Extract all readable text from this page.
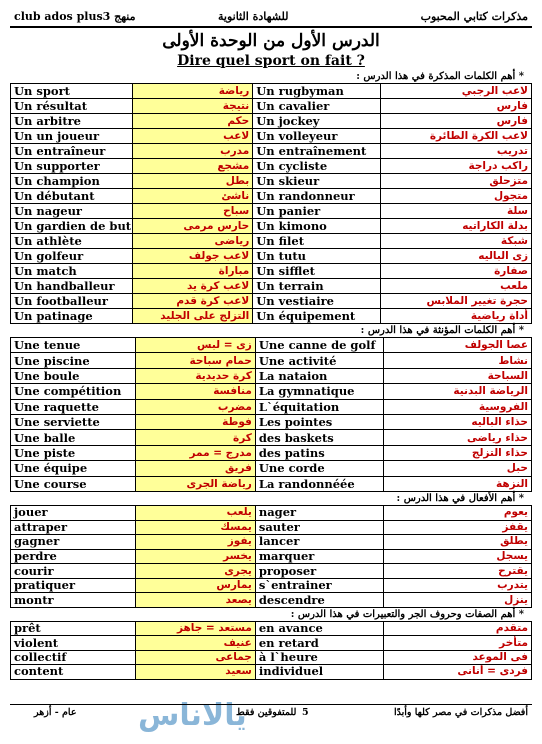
club ados plus3 منهج	للشهادة الثانوية	مذكرات كتابي المحبوب
الدرس الأول من الوحدة الأولى
Dire quel sport on fait ?
* أهم الكلمات المذكرة في هذا الدرس :
Un sport	رياضة	Un rugbyman	لاعب الرجبي
Un résultat	نتيجة	Un cavalier	فارس
Un arbitre	حكم	Un jockey	فارس
Un un joueur	لاعب	Un volleyeur	لاعب الكرة الطائرة
Un entraîneur	مدرب	Un entraînement	تدريب
Un supporter	مشجع	Un cycliste	راكب دراجة
Un champion	بطل	Un skieur	متزحلق
Un débutant	ناشئ	Un randonneur	متجول
Un nageur	سباح	Un panier	سلة
Un gardien de but	حارس مرمى	Un kimono	بدلة الكاراتيه
Un athlète	رياضى	Un filet	شبكة
Un golfeur	لاعب جولف	Un tutu	زى الباليه
Un match	مباراة	Un sifflet	صفارة
Un handballeur	لاعب كرة يد	Un terrain	ملعب
Un footballeur	لاعب كرة قدم	Un vestiaire	حجرة تغيير الملابس
Un patinage	التزلج على الجليد	Un équipement	أداة رياضية
* أهم الكلمات المؤنثة في هذا الدرس :
Une tenue	زى = لبس	Une canne de golf	عصا الجولف
Une piscine	حمام سباحة	Une activité	نشاط
Une boule	كرة حديدية	La nataion	السباحة
Une compétition	منافسة	La gymnatique	الرياضة البدنية
Une raquette	مضرب	L`équitation	الفروسية
Une serviette	فوطة	Les pointes	حذاء الباليه
Une balle	كرة	des baskets	حذاء رياضى
Une piste	مدرج = ممر	des patins	حذاء التزلج
Une équipe	فريق	Une corde	حبل
Une course	رياضة الجرى	La randonnéée	النزهة
* أهم الأفعال في هذا الدرس :
jouer	يلعب	nager	يعوم
attraper	يمسك	sauter	يقفز
gagner	يفوز	lancer	يطلق
perdre	يخسر	marquer	يسجل
courir	يجرى	proposer	يقترح
pratiquer	يمارس	s`entrainer	يتدرب
montr	يصعد	descendre	ينزل
* أهم الصفات وحروف الجر والتعبيرات في هذا الدرس :
prêt	مستعد = جاهز	en avance	متقدم
violent	عنيف	en retard	متأخر
collectif	جماعى	à l`heure	فى الموعد
content	سعيد	individuel	فردى = أنانى
يالاناس
عام - أزهر	للمتفوقين فقط 5	أفضل مذكرات في مصر كلها وأبدًا
